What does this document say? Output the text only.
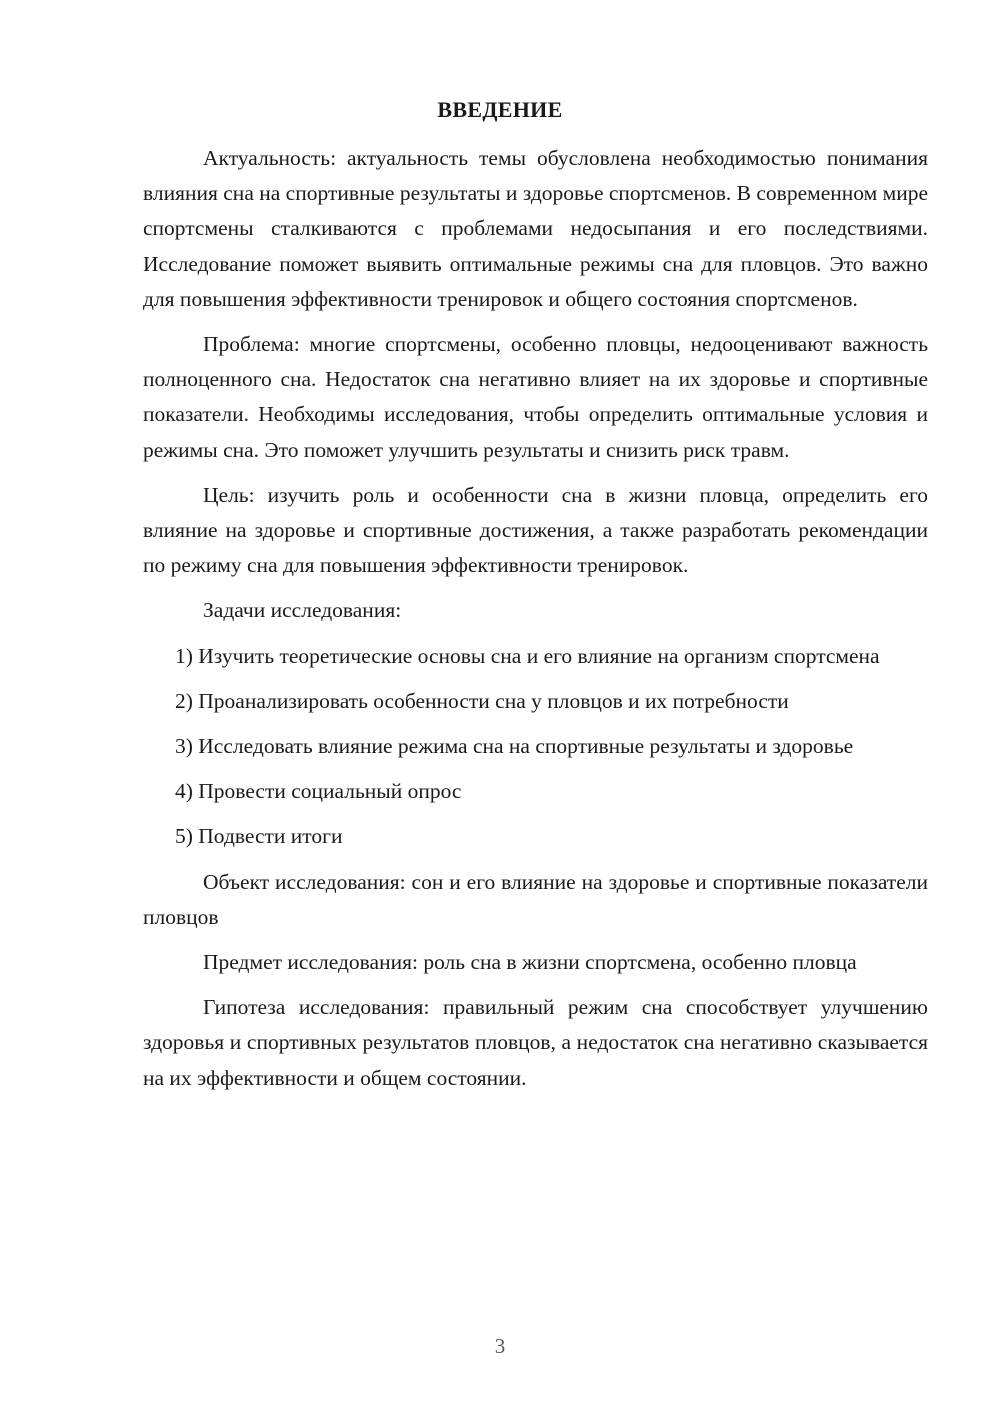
ВВЕДЕНИЕ

Актуальность: актуальность темы обусловлена необходимостью понимания влияния сна на спортивные результаты и здоровье спортсменов. В современном мире спортсмены сталкиваются с проблемами недосыпания и его последствиями. Исследование поможет выявить оптимальные режимы сна для пловцов. Это важно для повышения эффективности тренировок и общего состояния спортсменов.

Проблема: многие спортсмены, особенно пловцы, недооценивают важность полноценного сна. Недостаток сна негативно влияет на их здоровье и спортивные показатели. Необходимы исследования, чтобы определить оптимальные условия и режимы сна. Это поможет улучшить результаты и снизить риск травм.

Цель: изучить роль и особенности сна в жизни пловца, определить его влияние на здоровье и спортивные достижения, а также разработать рекомендации по режиму сна для повышения эффективности тренировок.

Задачи исследования:

1) Изучить теоретические основы сна и его влияние на организм спортсмена

2) Проанализировать особенности сна у пловцов и их потребности

3) Исследовать влияние режима сна на спортивные результаты и здоровье

4) Провести социальный опрос

5) Подвести итоги

Объект исследования: сон и его влияние на здоровье и спортивные показатели пловцов

Предмет исследования: роль сна в жизни спортсмена, особенно пловца

Гипотеза исследования: правильный режим сна способствует улучшению здоровья и спортивных результатов пловцов, а недостаток сна негативно сказывается на их эффективности и общем состоянии.

3
